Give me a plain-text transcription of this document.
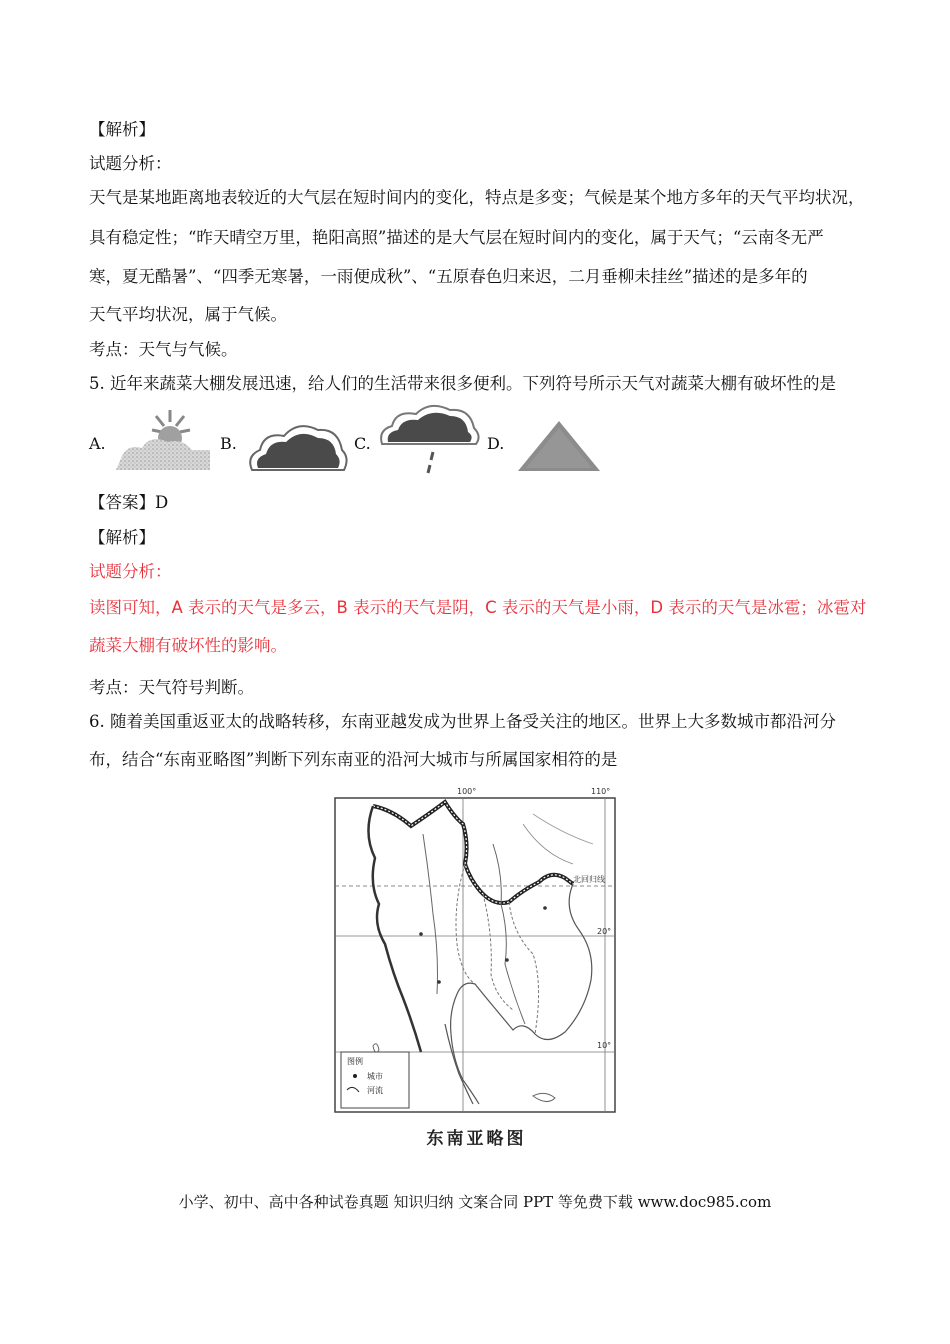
【解析】
试题分析：
天气是某地距离地表较近的大气层在短时间内的变化，特点是多变；气候是某个地方多年的天气平均状况，
具有稳定性；“昨天晴空万里，艳阳高照”描述的是大气层在短时间内的变化，属于天气；“云南冬无严
寒，夏无酷暑”、“四季无寒暑，一雨便成秋”、“五原春色归来迟，二月垂柳未挂丝”描述的是多年的
天气平均状况，属于气候。
考点：天气与气候。
5. 近年来蔬菜大棚发展迅速，给人们的生活带来很多便利。下列符号所示天气对蔬菜大棚有破坏性的是
A.	B.	C.	D.
【答案】D
【解析】
试题分析：
读图可知，A 表示的天气是多云，B 表示的天气是阴，C 表示的天气是小雨，D 表示的天气是冰雹；冰雹对
蔬菜大棚有破坏性的影响。
考点：天气符号判断。
6. 随着美国重返亚太的战略转移，东南亚越发成为世界上备受关注的地区。世界上大多数城市都沿河分
布，结合“东南亚略图”判断下列东南亚的沿河大城市与所属国家相符的是
100°	110°
20°
10°
北回归线
图例
城市
河流
东南亚略图
小学、初中、高中各种试卷真题 知识归纳 文案合同 PPT 等免费下载 www.doc985.com
